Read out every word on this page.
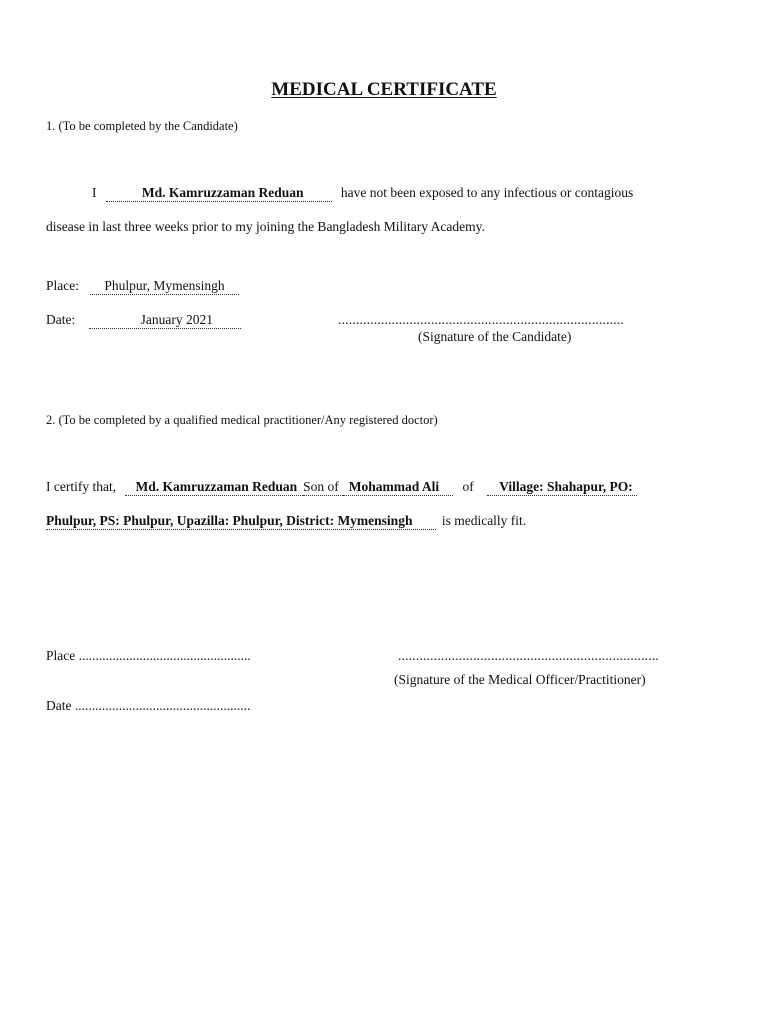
MEDICAL CERTIFICATE
1. (To be completed by the Candidate)
I	Md. Kamruzzaman Reduan	have not been exposed to any infectious or contagious
disease in last three weeks prior to my joining the Bangladesh Military Academy.
Place: Phulpur, Mymensingh
Date:	January 2021	................................................................................
(Signature of the Candidate)
2. (To be completed by a qualified medical practitioner/Any registered doctor)
I certify that, Md. Kamruzzaman Reduan Son of Mohammad Ali of Village: Shahapur, PO:
Phulpur, PS: Phulpur, Upazilla: Phulpur, District: Mymensingh is medically fit.
Place ...................................................	.........................................................................
(Signature of the Medical Officer/Practitioner)
Date ....................................................
